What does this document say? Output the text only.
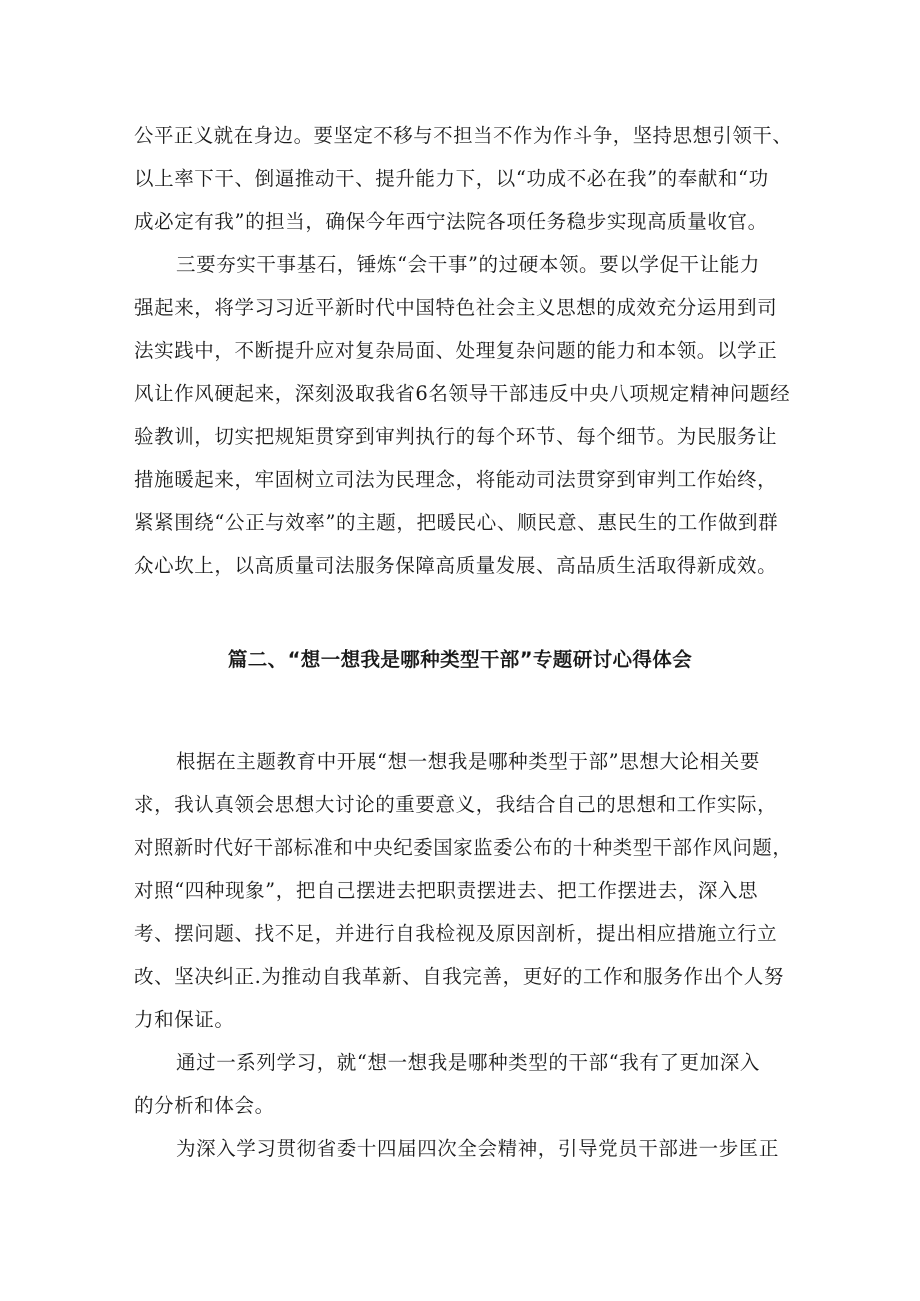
公平正义就在身边。要坚定不移与不担当不作为作斗争，坚持思想引领干、
以上率下干、倒逼推动干、提升能力下，以“功成不必在我”的奉献和“功
成必定有我”的担当，确保今年西宁法院各项任务稳步实现高质量收官。
三要夯实干事基石，锤炼“会干事”的过硬本领。要以学促干让能力
强起来，将学习习近平新时代中国特色社会主义思想的成效充分运用到司
法实践中，不断提升应对复杂局面、处理复杂问题的能力和本领。以学正
风让作风硬起来，深刻汲取我省6名领导干部违反中央八项规定精神问题经
验教训，切实把规矩贯穿到审判执行的每个环节、每个细节。为民服务让
措施暖起来，牢固树立司法为民理念，将能动司法贯穿到审判工作始终，
紧紧围绕“公正与效率”的主题，把暖民心、顺民意、惠民生的工作做到群
众心坎上，以高质量司法服务保障高质量发展、高品质生活取得新成效。
篇二、“想一想我是哪种类型干部”专题研讨心得体会
根据在主题教育中开展“想一想我是哪种类型于部”思想大论相关要
求，我认真领会思想大讨论的重要意义，我结合自己的思想和工作实际，
对照新时代好干部标准和中央纪委国家监委公布的十种类型干部作风问题，
对照“四种现象”，把自己摆进去把职责摆进去、把工作摆进去，深入思
考、摆问题、找不足，并进行自我检视及原因剖析，提出相应措施立行立
改、坚决纠正.为推动自我革新、自我完善，更好的工作和服务作出个人努
力和保证。
通过一系列学习，就“想一想我是哪种类型的干部“我有了更加深入
的分析和体会。
为深入学习贯彻省委十四届四次全会精神，引导党员干部进一步匡正
